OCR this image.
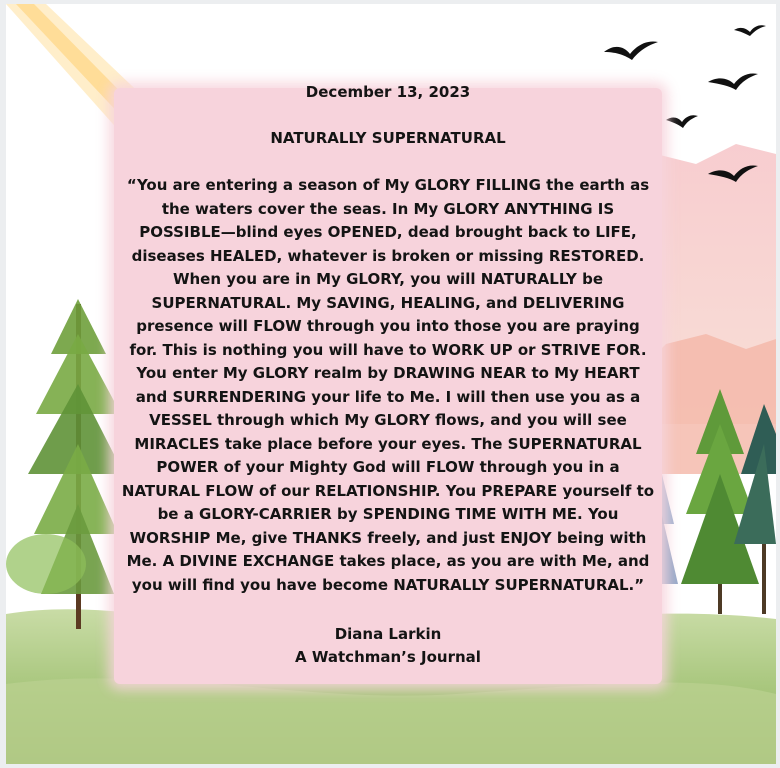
December 13, 2023
NATURALLY SUPERNATURAL
“You are entering a season of My GLORY FILLING the earth as the waters cover the seas. In My GLORY ANYTHING IS POSSIBLE—blind eyes OPENED, dead brought back to LIFE, diseases HEALED, whatever is broken or missing RESTORED. When you are in My GLORY, you will NATURALLY be SUPERNATURAL. My SAVING, HEALING, and DELIVERING presence will FLOW through you into those you are praying for. This is nothing you will have to WORK UP or STRIVE FOR. You enter My GLORY realm by DRAWING NEAR to My HEART and SURRENDERING your life to Me. I will then use you as a VESSEL through which My GLORY flows, and you will see MIRACLES take place before your eyes. The SUPERNATURAL POWER of your Mighty God will FLOW through you in a NATURAL FLOW of our RELATIONSHIP. You PREPARE yourself to be a GLORY-CARRIER by SPENDING TIME WITH ME. You WORSHIP Me, give THANKS freely, and just ENJOY being with Me. A DIVINE EXCHANGE takes place, as you are with Me, and you will find you have become NATURALLY SUPERNATURAL.”
Diana Larkin
A Watchman’s Journal
